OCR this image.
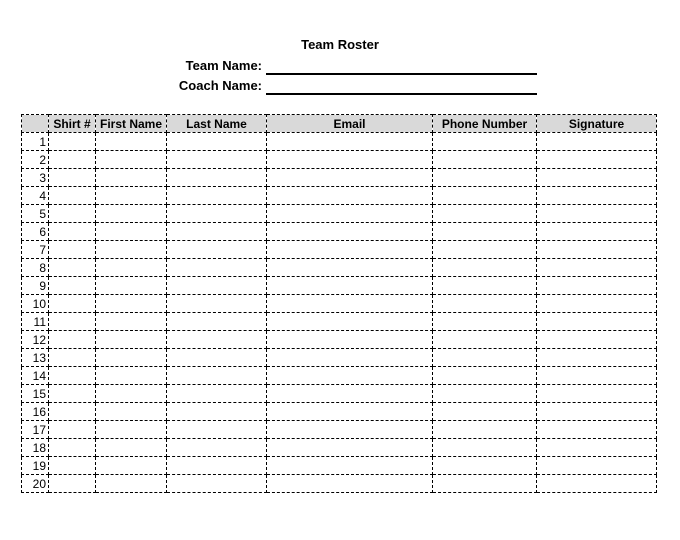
Team Roster
Team Name:
Coach Name:
	Shirt #	First Name	Last Name	Email	Phone Number	Signature
1						
2						
3						
4						
5						
6						
7						
8						
9						
10						
11						
12						
13						
14						
15						
16						
17						
18						
19						
20						
